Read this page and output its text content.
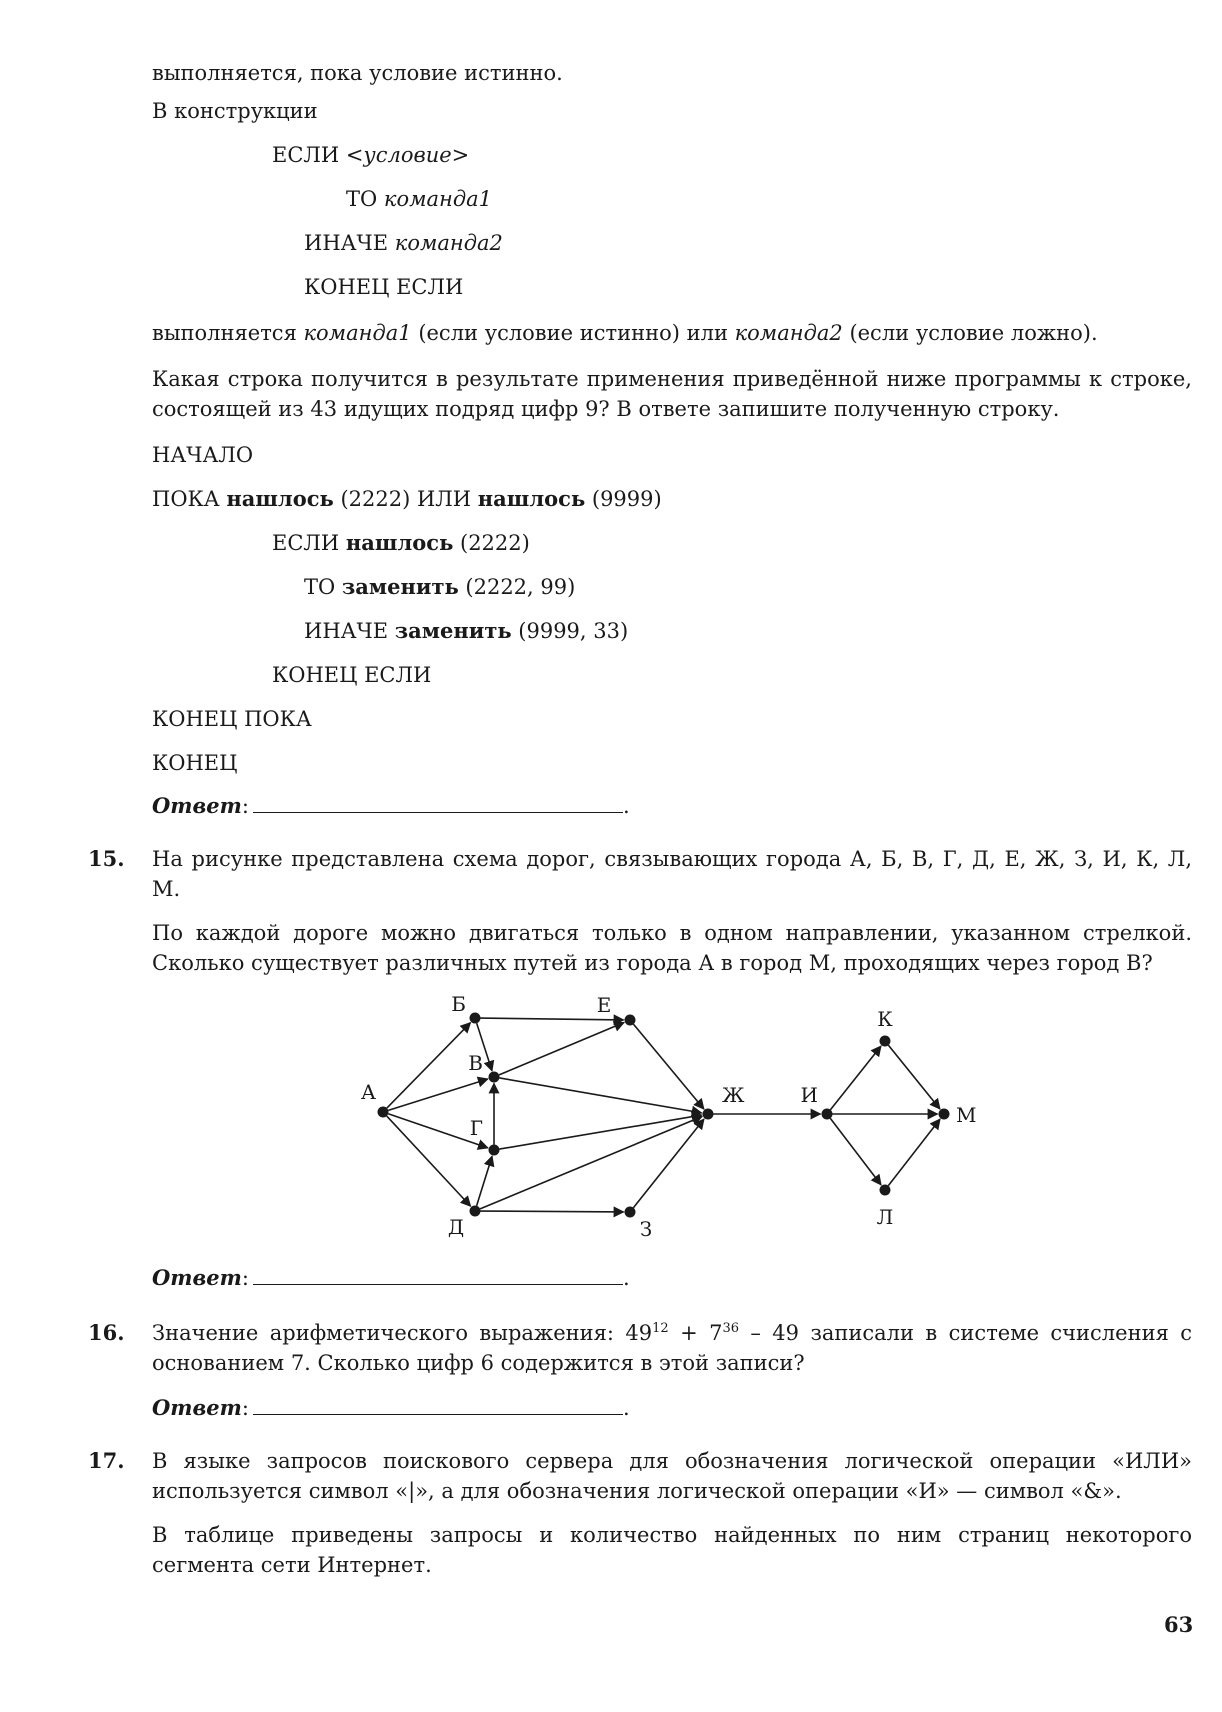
выполняется, пока условие истинно.
В конструкции
ЕСЛИ <условие>
ТО команда1
ИНАЧЕ команда2
КОНЕЦ ЕСЛИ
выполняется команда1 (если условие истинно) или команда2 (если условие ложно).
Какая строка получится в результате применения приведённой ниже программы к строке, состоящей из 43 идущих подряд цифр 9? В ответе запишите полученную строку.
НАЧАЛО
ПОКА нашлось (2222) ИЛИ нашлось (9999)
ЕСЛИ нашлось (2222)
ТО заменить (2222, 99)
ИНАЧЕ заменить (9999, 33)
КОНЕЦ ЕСЛИ
КОНЕЦ ПОКА
КОНЕЦ
Ответ:	.
15. На рисунке представлена схема дорог, связывающих города А, Б, В, Г, Д, Е, Ж, З, И, К, Л, М.
По каждой дороге можно двигаться только в одном направлении, указанном стрелкой. Сколько существует различных путей из города А в город М, проходящих через город В?
А
Б
В
Г
Д
Е
Ж
З
И
К
Л
М
Ответ:	.
16. Значение арифметического выражения: $49^{12} + 7^{36} - 49$ записали в системе счисления с основанием 7. Сколько цифр 6 содержится в этой записи?
Ответ:	.
17. В языке запросов поискового сервера для обозначения логической операции «ИЛИ» используется символ «|», а для обозначения логической операции «И» — символ «&».
В таблице приведены запросы и количество найденных по ним страниц некоторого сегмента сети Интернет.
63
